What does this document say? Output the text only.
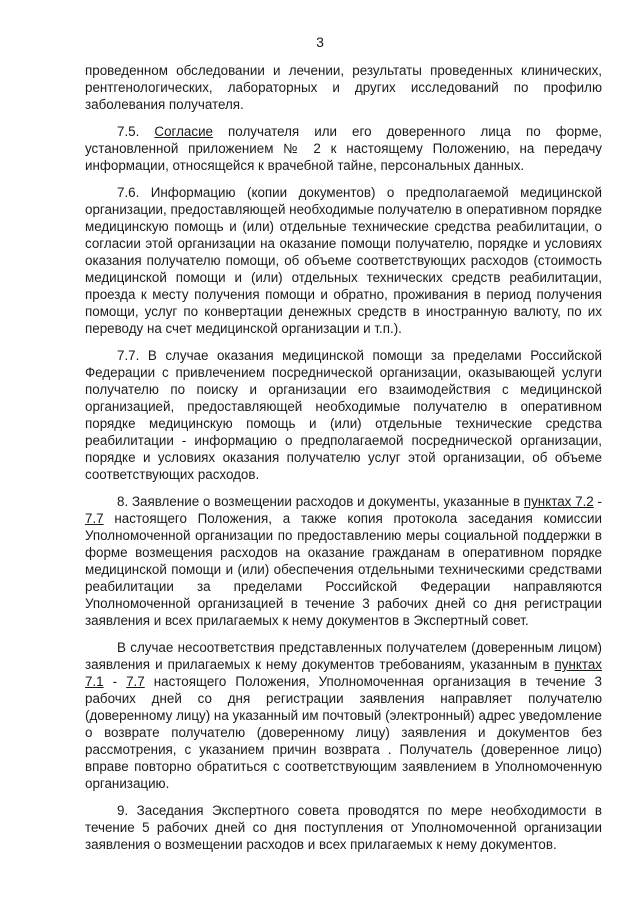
3

проведенном обследовании и лечении, результаты проведенных клинических, рентгенологических, лабораторных и других исследований по профилю заболевания получателя.

7.5. Согласие получателя или его доверенного лица по форме, установленной приложением № 2 к настоящему Положению, на передачу информации, относящейся к врачебной тайне, персональных данных.

7.6. Информацию (копии документов) о предполагаемой медицинской организации, предоставляющей необходимые получателю в оперативном порядке медицинскую помощь и (или) отдельные технические средства реабилитации, о согласии этой организации на оказание помощи получателю, порядке и условиях оказания получателю помощи, об объеме соответствующих расходов (стоимость медицинской помощи и (или) отдельных технических средств реабилитации, проезда к месту получения помощи и обратно, проживания в период получения помощи, услуг по конвертации денежных средств в иностранную валюту, по их переводу на счет медицинской организации и т.п.).

7.7. В случае оказания медицинской помощи за пределами Российской Федерации с привлечением посреднической организации, оказывающей услуги получателю по поиску и организации его взаимодействия с медицинской организацией, предоставляющей необходимые получателю в оперативном порядке медицинскую помощь и (или) отдельные технические средства реабилитации - информацию о предполагаемой посреднической организации, порядке и условиях оказания получателю услуг этой организации, об объеме соответствующих расходов.

8. Заявление о возмещении расходов и документы, указанные в пунктах 7.2 - 7.7 настоящего Положения, а также копия протокола заседания комиссии Уполномоченной организации по предоставлению меры социальной поддержки в форме возмещения расходов на оказание гражданам в оперативном порядке медицинской помощи и (или) обеспечения отдельными техническими средствами реабилитации за пределами Российской Федерации направляются Уполномоченной организацией в течение 3 рабочих дней со дня регистрации заявления и всех прилагаемых к нему документов в Экспертный совет.

В случае несоответствия представленных получателем (доверенным лицом) заявления и прилагаемых к нему документов требованиям, указанным в пунктах 7.1 - 7.7 настоящего Положения, Уполномоченная организация в течение 3 рабочих дней со дня регистрации заявления направляет получателю (доверенному лицу) на указанный им почтовый (электронный) адрес уведомление о возврате получателю (доверенному лицу) заявления и документов без рассмотрения, с указанием причин возврата . Получатель (доверенное лицо) вправе повторно обратиться с соответствующим заявлением в Уполномоченную организацию.

9. Заседания Экспертного совета проводятся по мере необходимости в течение 5 рабочих дней со дня поступления от Уполномоченной организации заявления о возмещении расходов и всех прилагаемых к нему документов.
